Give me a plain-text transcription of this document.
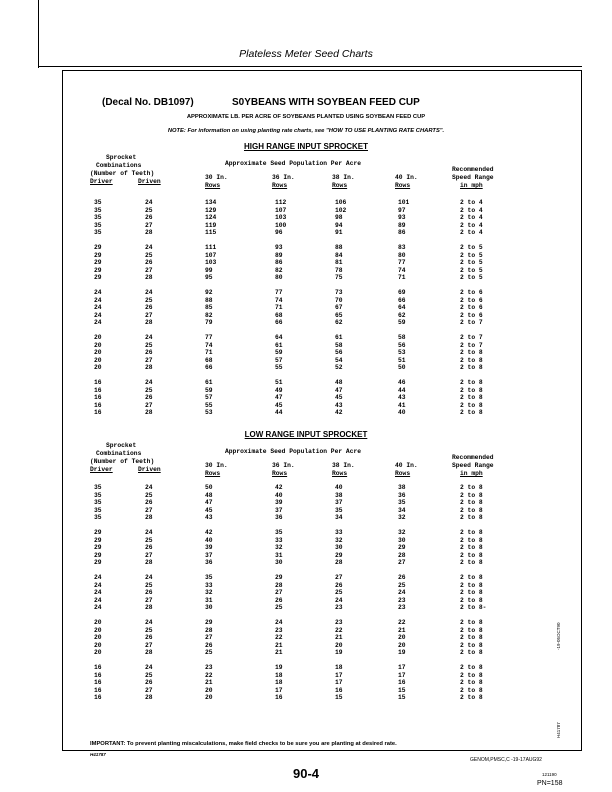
Plateless Meter Seed Charts
(Decal No. DB1097)	S0YBEANS WITH SOYBEAN FEED CUP
APPROXIMATE LB. PER ACRE OF SOYBEANS PLANTED USING SOYBEAN FEED CUP
NOTE: For information on using planting rate charts, see "HOW TO USE PLANTING RATE CHARTS".
HIGH RANGE INPUT SPROCKET
Sprocket
Combinations
(Number of Teeth)
Driver	Driven
Approximate Seed Population Per Acre
30 In.
Rows
36 In.
Rows
38 In.
Rows
40 In.
Rows
Recommended
Speed Range
in mph
35	24	134	112	106	101	2 to 4
35	25	129	107	102	97	2 to 4
35	26	124	103	98	93	2 to 4
35	27	119	100	94	89	2 to 4
35	28	115	96	91	86	2 to 4
29	24	111	93	88	83	2 to 5
29	25	107	89	84	80	2 to 5
29	26	103	86	81	77	2 to 5
29	27	99	82	78	74	2 to 5
29	28	95	80	75	71	2 to 5
24	24	92	77	73	69	2 to 6
24	25	88	74	70	66	2 to 6
24	26	85	71	67	64	2 to 6
24	27	82	68	65	62	2 to 6
24	28	79	66	62	59	2 to 7
20	24	77	64	61	58	2 to 7
20	25	74	61	58	56	2 to 7
20	26	71	59	56	53	2 to 8
20	27	68	57	54	51	2 to 8
20	28	66	55	52	50	2 to 8
16	24	61	51	48	46	2 to 8
16	25	59	49	47	44	2 to 8
16	26	57	47	45	43	2 to 8
16	27	55	45	43	41	2 to 8
16	28	53	44	42	40	2 to 8
LOW RANGE INPUT SPROCKET
Sprocket
Combinations
(Number of Teeth)
Driver	Driven
Approximate Seed Population Per Acre
30 In.
Rows
36 In.
Rows
38 In.
Rows
40 In.
Rows
Recommended
Speed Range
in mph
35	24	50	42	40	38	2 to 8
35	25	48	40	38	36	2 to 8
35	26	47	39	37	35	2 to 8
35	27	45	37	35	34	2 to 8
35	28	43	36	34	32	2 to 8
29	24	42	35	33	32	2 to 8
29	25	40	33	32	30	2 to 8
29	26	39	32	30	29	2 to 8
29	27	37	31	29	28	2 to 8
29	28	36	30	28	27	2 to 8
24	24	35	29	27	26	2 to 8
24	25	33	28	26	25	2 to 8
24	26	32	27	25	24	2 to 8
24	27	31	26	24	23	2 to 8
24	28	30	25	23	23	2 to 8-
20	24	29	24	23	22	2 to 8
20	25	28	23	22	21	2 to 8
20	26	27	22	21	20	2 to 8
20	27	26	21	20	20	2 to 8
20	28	25	21	19	19	2 to 8
16	24	23	19	18	17	2 to 8
16	25	22	18	17	17	2 to 8
16	26	21	18	17	16	2 to 8
16	27	20	17	16	15	2 to 8
16	28	20	16	15	15	2 to 8
IMPORTANT: To prevent planting miscalculations, make field checks to be sure you are planting at desired rate.
H41787
-19-05OCT90
H41787
GENOM,PMSC,C -19-17AUG92
90-4	121190
PN=158
